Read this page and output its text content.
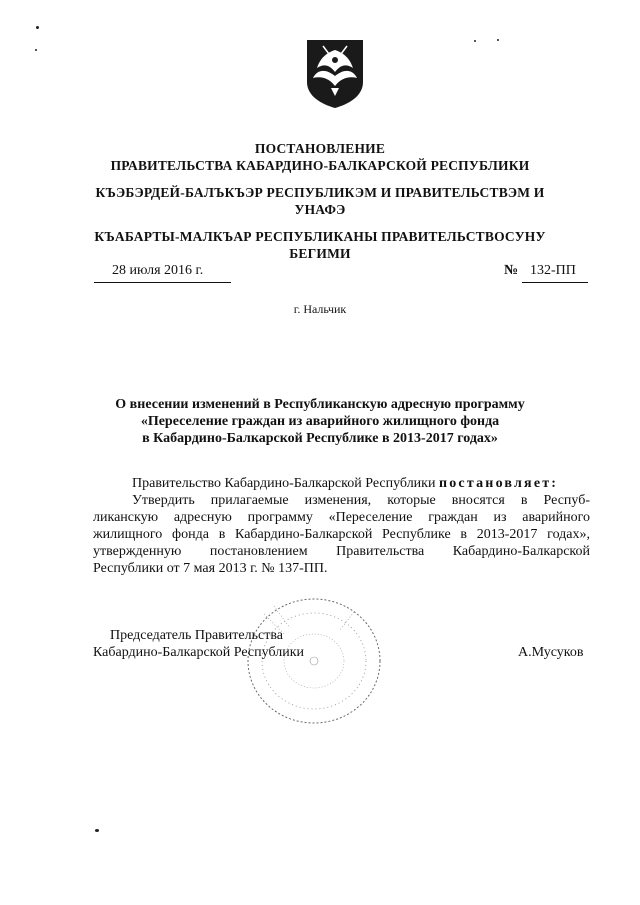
ПОСТАНОВЛЕНИЕ
ПРАВИТЕЛЬСТВА КАБАРДИНО-БАЛКАРСКОЙ РЕСПУБЛИКИ
КЪЭБЭРДЕЙ-БАЛЪКЪЭР РЕСПУБЛИКЭМ И ПРАВИТЕЛЬСТВЭМ И
УНАФЭ
КЪАБАРТЫ-МАЛКЪАР РЕСПУБЛИКАНЫ ПРАВИТЕЛЬСТВОСУНУ
БЕГИМИ
28 июля 2016 г.	№ 132-ПП
г. Нальчик
О внесении изменений в Республиканскую адресную программу
«Переселение граждан из аварийного жилищного фонда
в Кабардино-Балкарской Республике в 2013-2017 годах»
Правительство Кабардино-Балкарской Республики постановляет:
Утвердить прилагаемые изменения, которые вносятся в Респуб-
ликанскую адресную программу «Переселение граждан из аварийного
жилищного фонда в Кабардино-Балкарской Республике в 2013-2017 годах»,
утвержденную постановлением Правительства Кабардино-Балкарской
Республики от 7 мая 2013 г. № 137-ПП.
Председатель Правительства
Кабардино-Балкарской Республики	А.Мусуков
